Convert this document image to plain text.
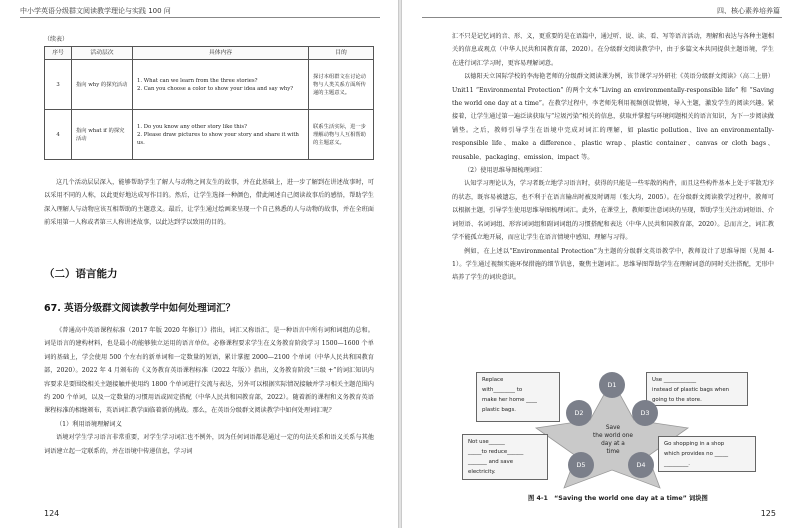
中小学英语分级群文阅读教学理论与实践 100 问
（续表）
序号	活动层次	具体内容	目的
3	指向 why 的探究活动	1. What can we learn from the three stories?
2. Can you choose a color to show your idea and say why?	探讨本组群文在讨论动物与人类关系方面所传递的主题意义。
4	指向 what if 的探究活动	1. Do you know any other story like this?
2. Please draw pictures to show your story and share it with us.	联系生活实际，进一步理解动物与人互相帮助的主题意义。

这几个活动层层深入，能够帮助学生了解人与动物之间友生的故事，并在此基础上，进一步了解到在讲述故事时，可以采用不同的人称，以此更好地达成写作目的。然后，让学生选择一种颜色，借此阐述自己阅读故事后的感悟，帮助学生深入理解人与动物应该互相帮助的主题意义。最后，让学生通过绘画来呈现一个自己熟悉的人与动物的故事，并在全班面前采用第一人称或者第三人称讲述故事，以此达到学以致用的目的。

（二）语言能力
67. 英语分级群文阅读教学中如何处理词汇？

《普通高中英语课程标准（2017 年版 2020 年修订）》指出，词汇又称语汇，是一种语言中所有词和词组的总和。词是语言的建构材料，也是最小的能够独立运用的语言单位。必修课程要求学生在义务教育阶段学习 1500—1600 个单词的基础上，学会使用 500 个左右的新单词和一定数量的短语，累计掌握 2000—2100 个单词（中华人民共和国教育部，2020）。2022 年 4 月颁布的《义务教育英语课程标准（2022 年版）》指出，义务教育阶段“三级 +”的词汇知识内容要求是要围绕相关主题接触并使用约 1800 个单词进行交流与表达，另外可以根据实际情况接触并学习相关主题范围内约 200 个单词，以及一定数量的习惯用语或固定搭配（中华人民共和国教育部，2022）。随着新的课程和义务教育英语课程标准的相继颁布，英语词汇教学面临着新的挑战。那么，在英语分级群文阅读教学中如何处理词汇呢？

（1）利用语境理解词义

语境对学生学习语言非常重要，对学生学习词汇也不例外，因为任何词语都是通过一定的句法关系和语义关系与其他词语建立起一定联系的，并在语境中传递信息，学习词

124
四、核心素养培养篇

汇不只是记忆词的音、形、义，更重要的是在语篇中，通过听、说、读、看、写等语言活动，理解和表达与各种主题相关的信息或观点（中华人民共和国教育部，2020）。在分级群文阅读教学中，由于多篇文本共同提供主题语境，学生在进行词汇学习时，更容易理解词意。

以德阳天立国际学校的李海艳老师的分级群文阅读课为例，该节课学习外研社《英语分级群文阅读》（高二上册）Unit11 “Environmental Protection” 的两个文本“Living an environmentally-responsible life” 和 “Saving the world one day at a time”。在教学过程中，李老师先利用视频创设情境，导入主题，激发学生的阅读兴趣。紧接着，让学生通过第一遍泛读获取与“垃圾污染”相关的信息，获取并掌握与环境问题相关的语言知识，为下一步阅读做铺垫。之后，教师引导学生在语境中完成对词汇的理解，如 plastic pollution、live an environmentally-responsible life、make a difference、plastic wrap、plastic container、canvas or cloth bags、reusable、packaging、emission、impact 等。

（2）使用思维导图梳理词汇

认知学习理论认为，学习者既立地学习语言时，获得的只能是一些零散的构件，而且这些构件基本上处于零散无序的状态，既容易被遗忘，也不利于在语言输出时被及时调用（张大均，2005）。在分级群文阅读教学过程中，教师可以根据主题，引导学生使用思维导图梳理词汇。此外，在课堂上，教师要注意词块的呈现，帮助学生关注动词短语、介词短语、名词词组、形容词词组和副词词组的习惯搭配和表达（中华人民共和国教育部，2020）。总而言之，词汇教学不能孤立地开展，而应让学生在语言情境中感知、理解与习得。

例如，在上述以“Environmental Protection”为主题的分级群文英语教学中，教师设计了思维导图（见图 4-1）。学生通过视频实施环保措施的细节信息，聚焦主题词汇。思维导图帮助学生在理解词意的同时关注搭配，无形中培养了学生的词块意识。

Replace
with________ to
make her home ____
plastic bags.
Use ____________
instead of plastic bags when
going to the store.
Not use______
_____to reduce______
_______ and save
electricity.
Go shopping in a shop
which provides no _____
_________.
D1
D2	D3
D4
D5
Save
the world one
day at a
time
图 4-1　“Saving the world one day at a time” 词块图
125
